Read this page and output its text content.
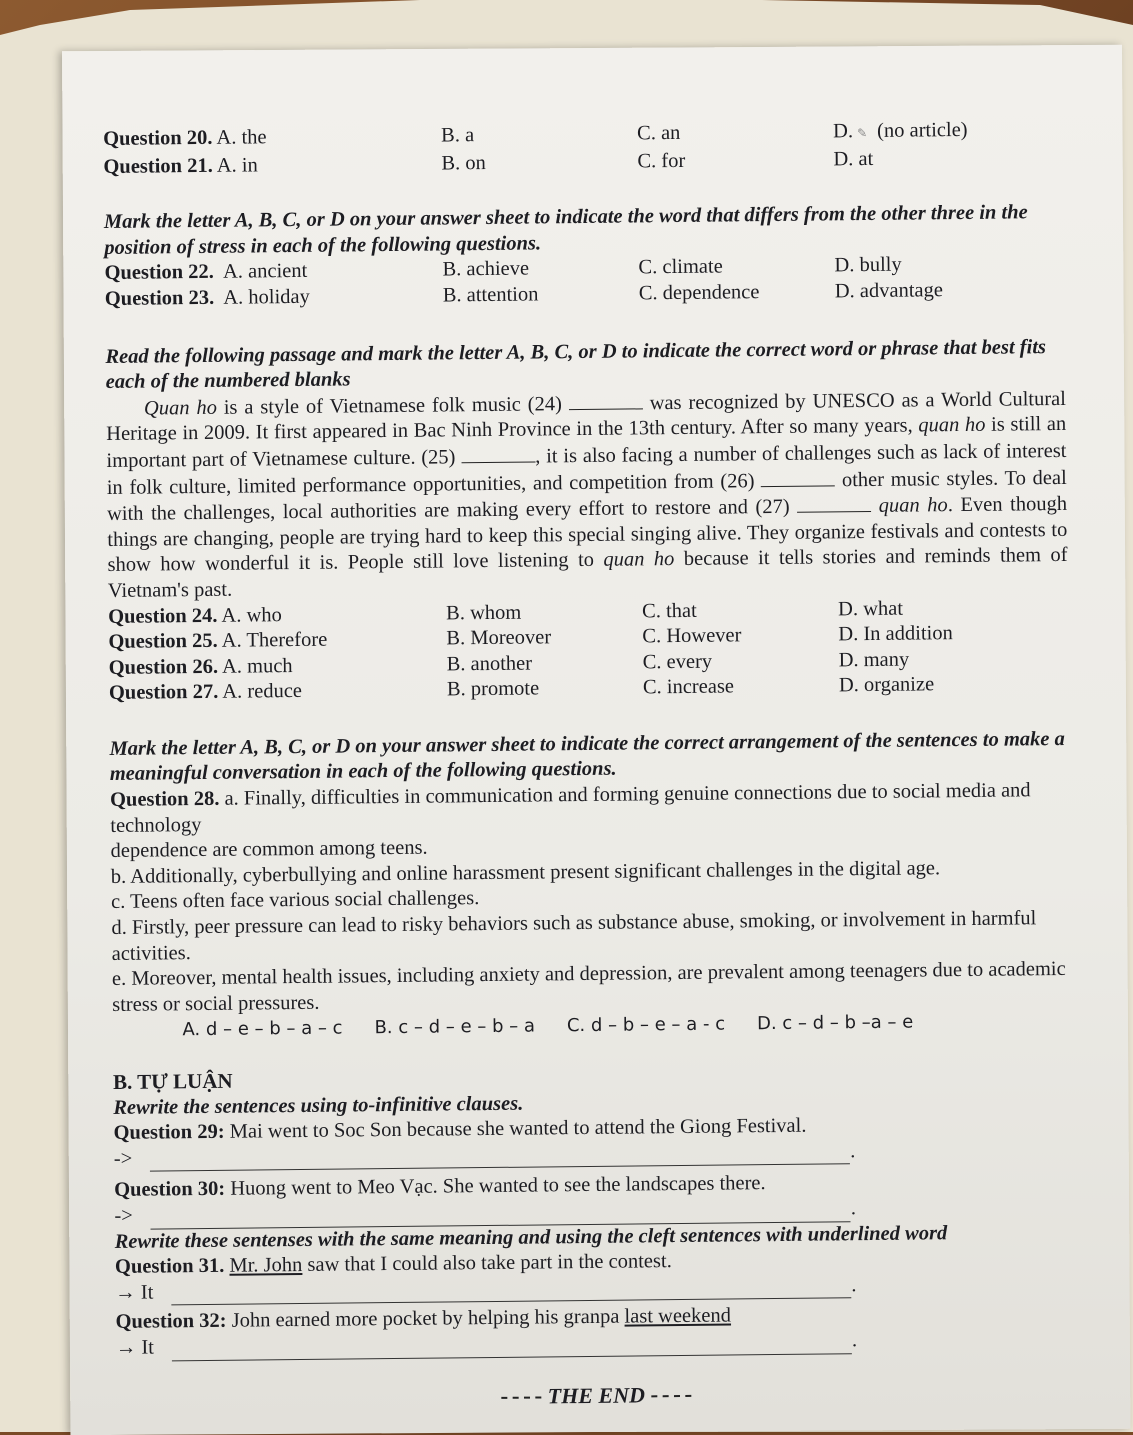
Question 20. A. the	B. a	C. an	D. ✎ (no article)
Question 21. A. in	B. on	C. for	D. at
Mark the letter A, B, C, or D on your answer sheet to indicate the word that differs from the other three in the position of stress in each of the following questions.
Question 22. A. ancient	B. achieve	C. climate	D. bully
Question 23. A. holiday	B. attention	C. dependence	D. advantage
Read the following passage and mark the letter A, B, C, or D to indicate the correct word or phrase that best fits each of the numbered blanks

Quan ho is a style of Vietnamese folk music (24)	was recognized by UNESCO as a World Cultural Heritage in 2009. It first appeared in Bac Ninh Province in the 13th century. After so many years, quan ho is still an important part of Vietnamese culture. (25)	, it is also facing a number of challenges such as lack of interest in folk culture, limited performance opportunities, and competition from (26)	other music styles. To deal with the challenges, local authorities are making every effort to restore and (27)	quan ho. Even though things are changing, people are trying hard to keep this special singing alive. They organize festivals and contests to show how wonderful it is. People still love listening to quan ho because it tells stories and reminds them of Vietnam's past.

Question 24. A. who	B. whom	C. that	D. what
Question 25. A. Therefore	B. Moreover	C. However	D. In addition
Question 26. A. much	B. another	C. every	D. many
Question 27. A. reduce	B. promote	C. increase	D. organize
Mark the letter A, B, C, or D on your answer sheet to indicate the correct arrangement of the sentences to make a meaningful conversation in each of the following questions.

Question 28. a. Finally, difficulties in communication and forming genuine connections due to social media and technology

dependence are common among teens.

b. Additionally, cyberbullying and online harassment present significant challenges in the digital age.

c. Teens often face various social challenges.

d. Firstly, peer pressure can lead to risky behaviors such as substance abuse, smoking, or involvement in harmful activities.

e. Moreover, mental health issues, including anxiety and depression, are prevalent among teenagers due to academic stress or social pressures.

A. d – e – b – a – c B. c – d – e – b – a C. d – b – e – a - c D. c – d – b –a – e
B. TỰ LUẬN
Rewrite the sentences using to-infinitive clauses.

Question 29: Mai went to Soc Son because she wanted to attend the Giong Festival.

->	.

Question 30: Huong went to Meo Vạc. She wanted to see the landscapes there.

->	.
Rewrite these sentenses with the same meaning and using the cleft sentences with underlined word

Question 31. Mr. John saw that I could also take part in the contest.

→ It	.

Question 32: John earned more pocket by helping his granpa last weekend

→ It	.
THE END
